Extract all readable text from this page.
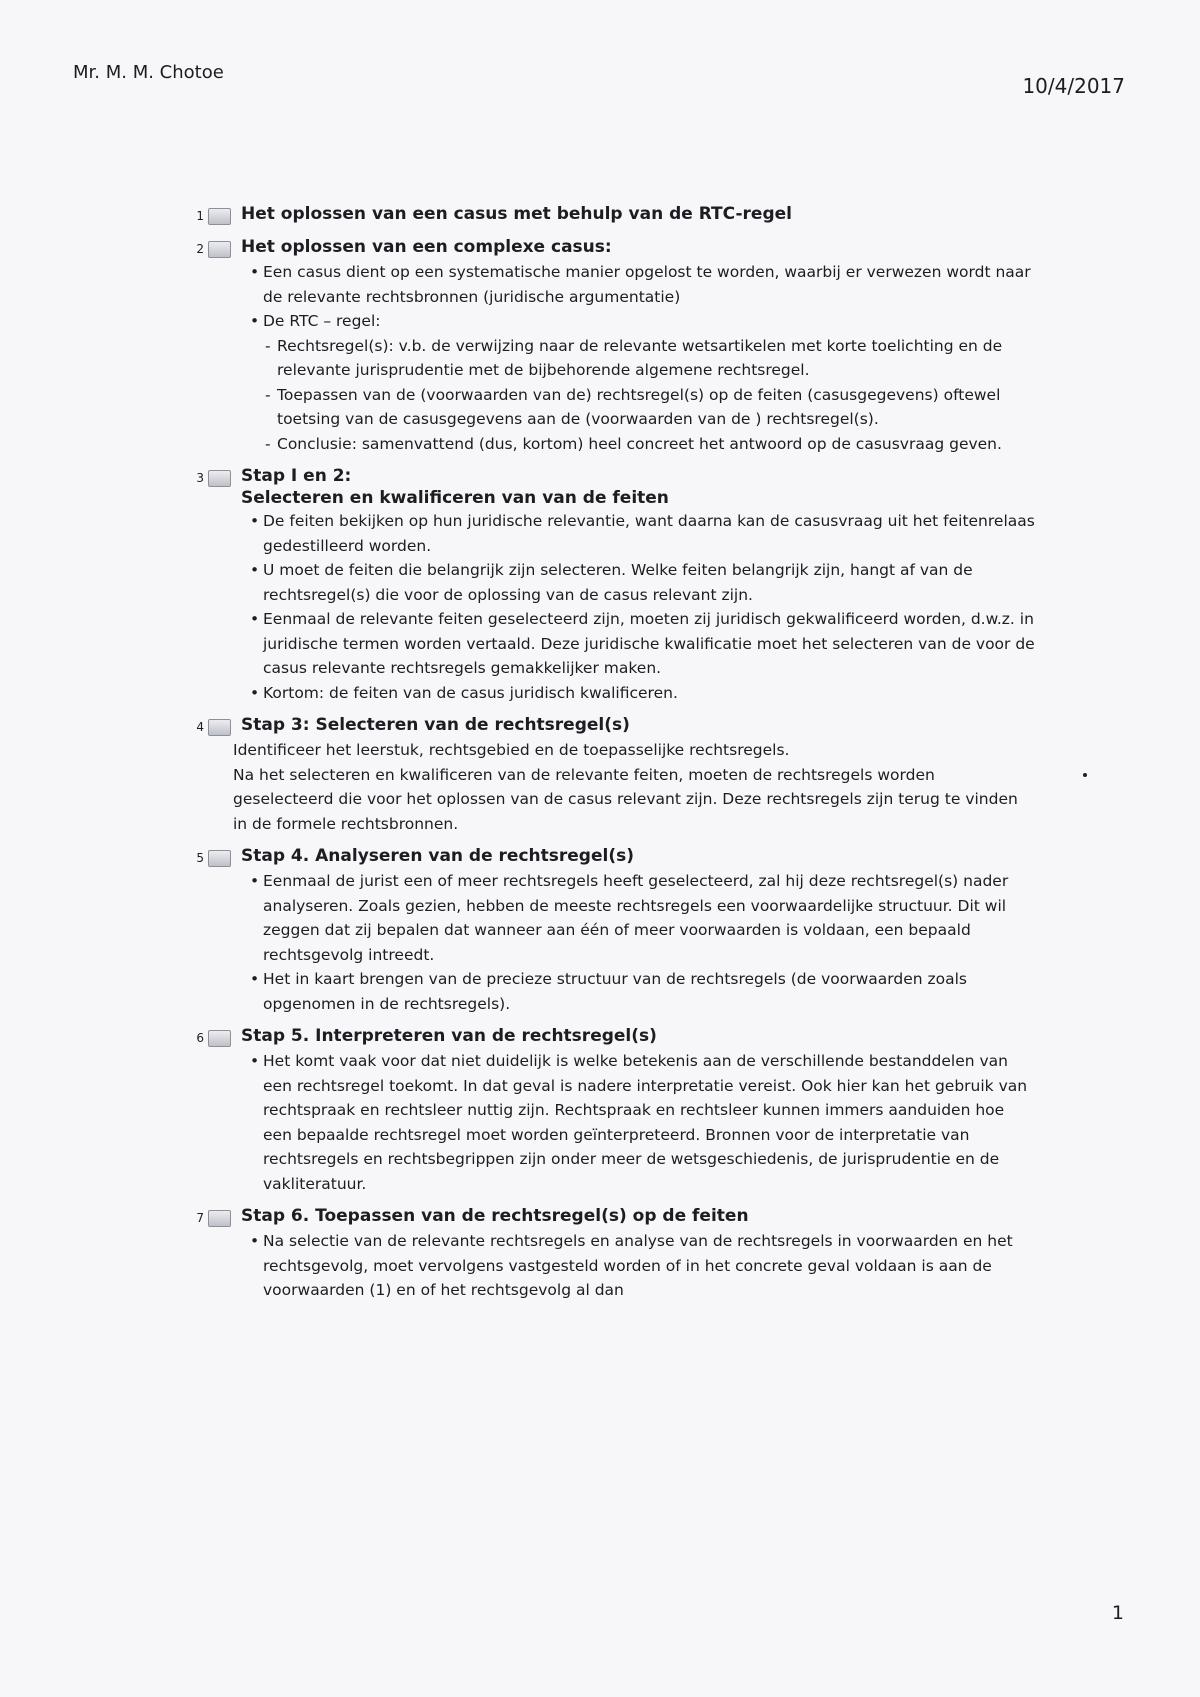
Mr. M. M. Chotoe
10/4/2017
1 Het oplossen van een casus met behulp van de RTC-regel
2 Het oplossen van een complexe casus:
• Een casus dient op een systematische manier opgelost te worden, waarbij er verwezen wordt naar de relevante rechtsbronnen (juridische argumentatie)
• De RTC – regel:
- Rechtsregel(s): v.b. de verwijzing naar de relevante wetsartikelen met korte toelichting en de relevante jurisprudentie met de bijbehorende algemene rechtsregel.
- Toepassen van de (voorwaarden van de) rechtsregel(s) op de feiten (casusgegevens) oftewel toetsing van de casusgegevens aan de (voorwaarden van de ) rechtsregel(s).
- Conclusie: samenvattend (dus, kortom) heel concreet het antwoord op de casusvraag geven.
3 Stap I en 2:
Selecteren en kwalificeren van van de feiten
• De feiten bekijken op hun juridische relevantie, want daarna kan de casusvraag uit het feitenrelaas gedestilleerd worden.
• U moet de feiten die belangrijk zijn selecteren. Welke feiten belangrijk zijn, hangt af van de rechtsregel(s) die voor de oplossing van de casus relevant zijn.
• Eenmaal de relevante feiten geselecteerd zijn, moeten zij juridisch gekwalificeerd worden, d.w.z. in juridische termen worden vertaald. Deze juridische kwalificatie moet het selecteren van de voor de casus relevante rechtsregels gemakkelijker maken.
• Kortom: de feiten van de casus juridisch kwalificeren.
4 Stap 3: Selecteren van de rechtsregel(s)

Identificeer het leerstuk, rechtsgebied en de toepasselijke rechtsregels.

Na het selecteren en kwalificeren van de relevante feiten, moeten de rechtsregels worden geselecteerd die voor het oplossen van de casus relevant zijn. Deze rechtsregels zijn terug te vinden in de formele rechtsbronnen.

5 Stap 4. Analyseren van de rechtsregel(s)
• Eenmaal de jurist een of meer rechtsregels heeft geselecteerd, zal hij deze rechtsregel(s) nader analyseren. Zoals gezien, hebben de meeste rechtsregels een voorwaardelijke structuur. Dit wil zeggen dat zij bepalen dat wanneer aan één of meer voorwaarden is voldaan, een bepaald rechtsgevolg intreedt.
• Het in kaart brengen van de precieze structuur van de rechtsregels (de voorwaarden zoals opgenomen in de rechtsregels).
6 Stap 5. Interpreteren van de rechtsregel(s)
• Het komt vaak voor dat niet duidelijk is welke betekenis aan de verschillende bestanddelen van een rechtsregel toekomt. In dat geval is nadere interpretatie vereist. Ook hier kan het gebruik van rechtspraak en rechtsleer nuttig zijn. Rechtspraak en rechtsleer kunnen immers aanduiden hoe een bepaalde rechtsregel moet worden geïnterpreteerd. Bronnen voor de interpretatie van rechtsregels en rechtsbegrippen zijn onder meer de wetsgeschiedenis, de jurisprudentie en de vakliteratuur.
7 Stap 6. Toepassen van de rechtsregel(s) op de feiten
• Na selectie van de relevante rechtsregels en analyse van de rechtsregels in voorwaarden en het rechtsgevolg, moet vervolgens vastgesteld worden of in het concrete geval voldaan is aan de voorwaarden (1) en of het rechtsgevolg al dan
1
